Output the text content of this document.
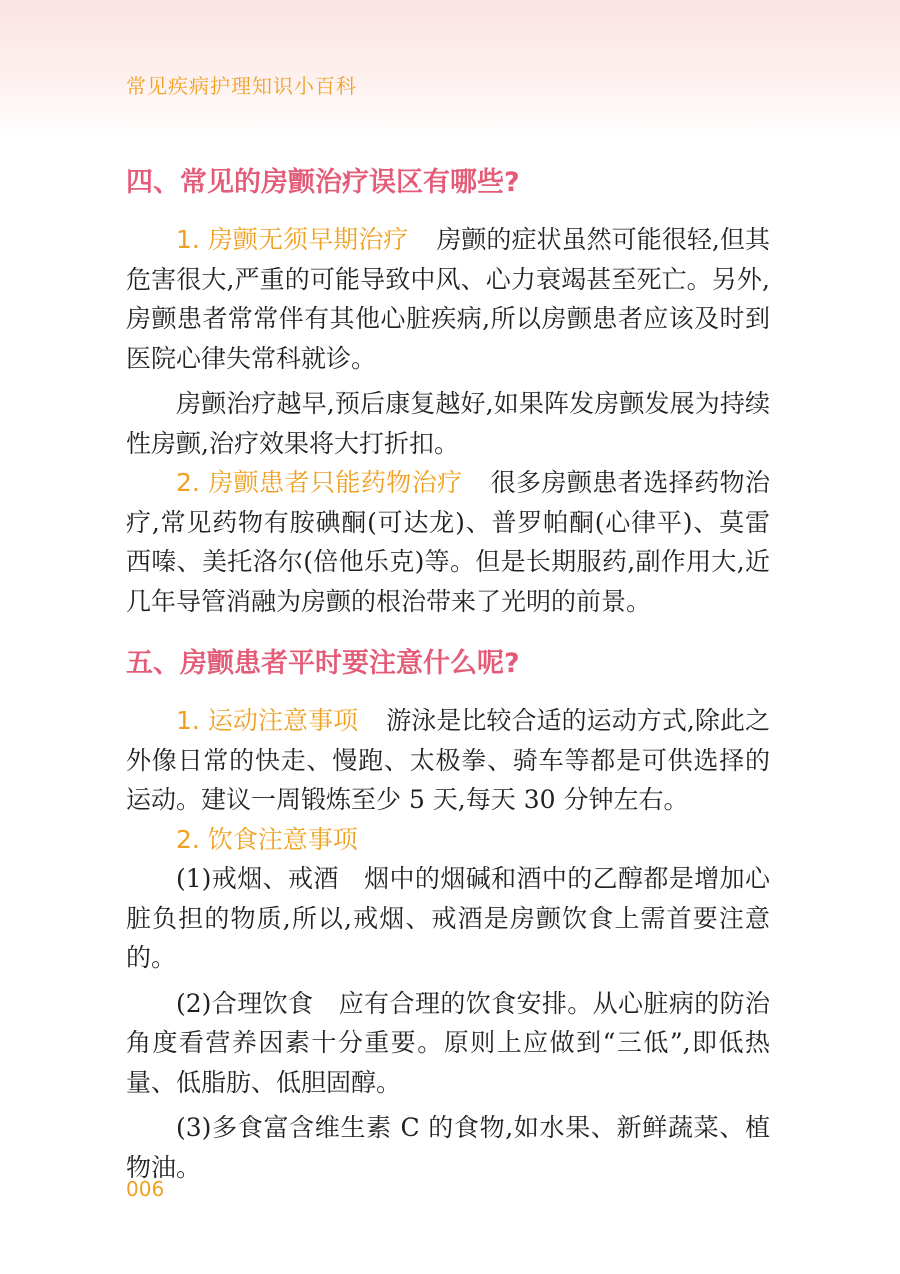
常见疾病护理知识小百科
四、常见的房颤治疗误区有哪些?

1. 房颤无须早期治疗 房颤的症状虽然可能很轻,但其危害很大,严重的可能导致中风、心力衰竭甚至死亡。另外,房颤患者常常伴有其他心脏疾病,所以房颤患者应该及时到医院心律失常科就诊。

房颤治疗越早,预后康复越好,如果阵发房颤发展为持续性房颤,治疗效果将大打折扣。

2. 房颤患者只能药物治疗 很多房颤患者选择药物治疗,常见药物有胺碘酮(可达龙)、普罗帕酮(心律平)、莫雷西嗪、美托洛尔(倍他乐克)等。但是长期服药,副作用大,近几年导管消融为房颤的根治带来了光明的前景。

五、房颤患者平时要注意什么呢?

1. 运动注意事项 游泳是比较合适的运动方式,除此之外像日常的快走、慢跑、太极拳、骑车等都是可供选择的运动。建议一周锻炼至少 5 天,每天 30 分钟左右。

2. 饮食注意事项

(1)戒烟、戒酒　烟中的烟碱和酒中的乙醇都是增加心脏负担的物质,所以,戒烟、戒酒是房颤饮食上需首要注意的。

(2)合理饮食　应有合理的饮食安排。从心脏病的防治角度看营养因素十分重要。原则上应做到“三低”,即低热量、低脂肪、低胆固醇。

(3)多食富含维生素 C 的食物,如水果、新鲜蔬菜、植物油。

006
